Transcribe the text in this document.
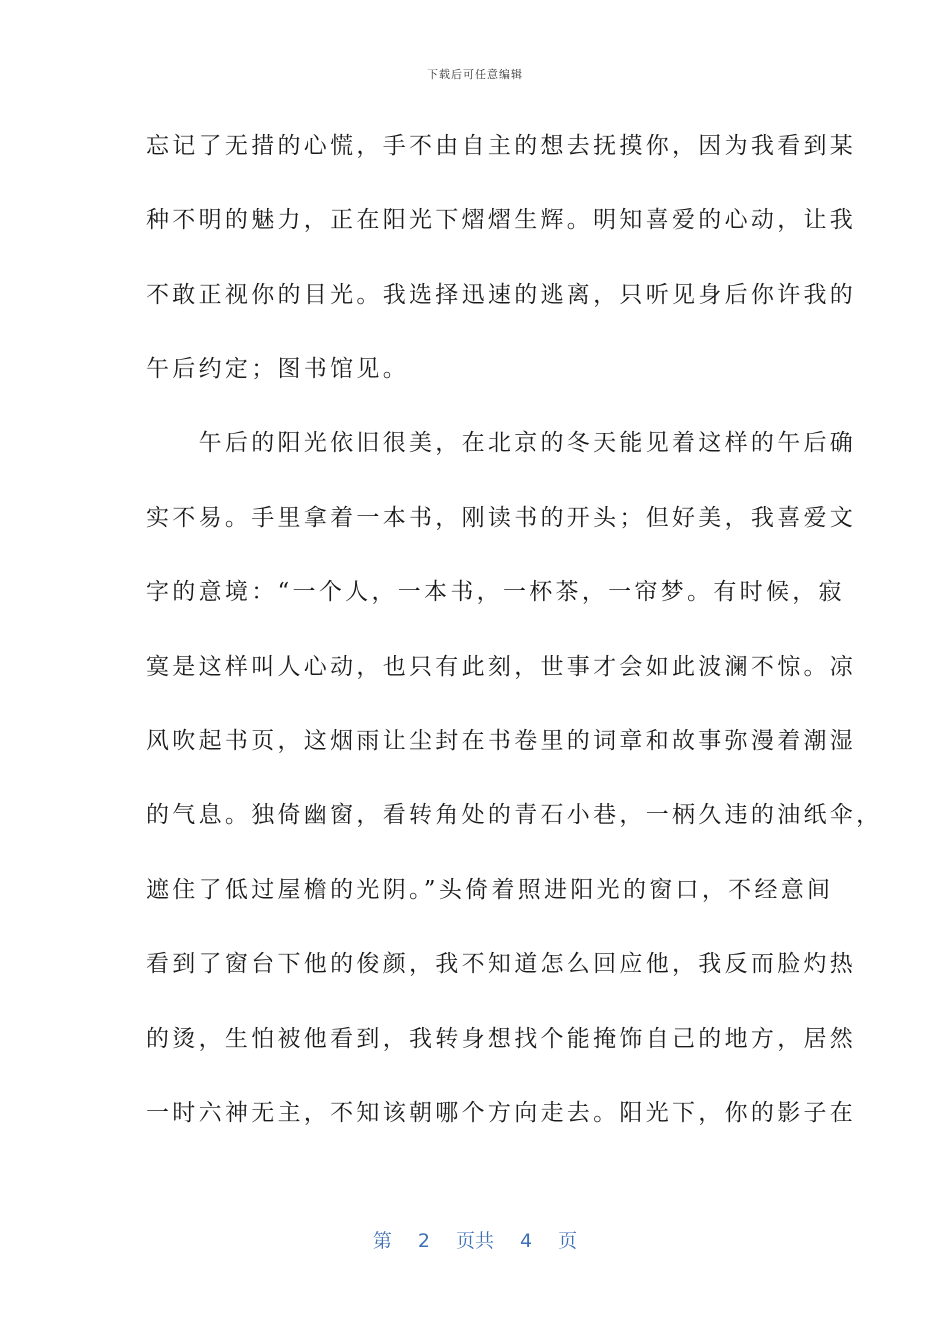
下载后可任意编辑
忘记了无措的心慌，手不由自主的想去抚摸你，因为我看到某
种不明的魅力，正在阳光下熠熠生辉。明知喜爱的心动，让我
不敢正视你的目光。我选择迅速的逃离，只听见身后你许我的
午后约定；图书馆见。
　　午后的阳光依旧很美，在北京的冬天能见着这样的午后确
实不易。手里拿着一本书，刚读书的开头；但好美，我喜爱文
字的意境：“一个人，一本书，一杯茶，一帘梦。有时候，寂
寞是这样叫人心动，也只有此刻，世事才会如此波澜不惊。凉
风吹起书页，这烟雨让尘封在书卷里的词章和故事弥漫着潮湿
的气息。独倚幽窗，看转角处的青石小巷，一柄久违的油纸伞，
遮住了低过屋檐的光阴。”头倚着照进阳光的窗口，不经意间
看到了窗台下他的俊颜，我不知道怎么回应他，我反而脸灼热
的烫，生怕被他看到，我转身想找个能掩饰自己的地方，居然
一时六神无主，不知该朝哪个方向走去。阳光下，你的影子在
第 2 页共 4 页
